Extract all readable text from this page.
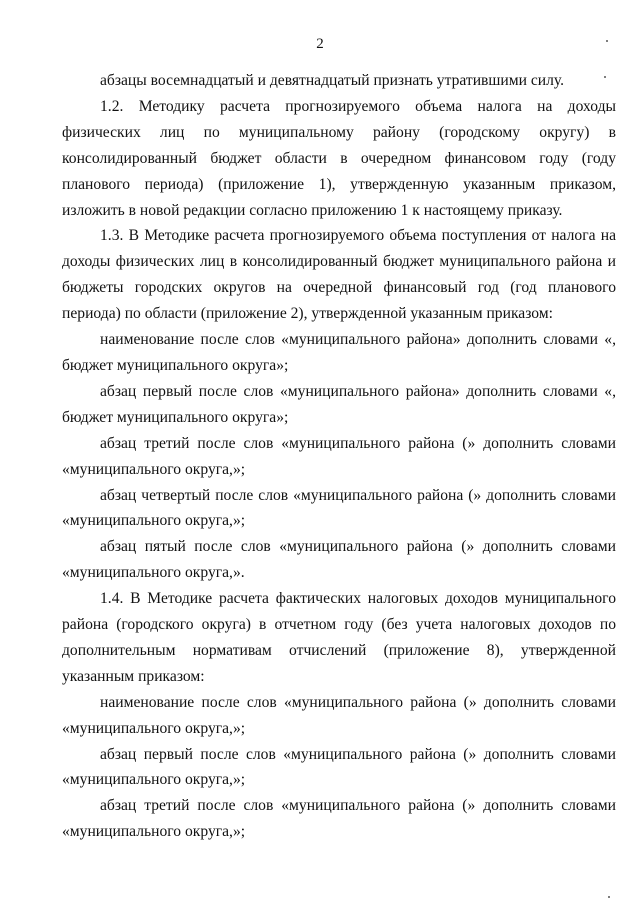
2

абзацы восемнадцатый и девятнадцатый признать утратившими силу.

1.2. Методику расчета прогнозируемого объема налога на доходы физических лиц по муниципальному району (городскому округу) в консолидированный бюджет области в очередном финансовом году (году планового периода) (приложение 1), утвержденную указанным приказом, изложить в новой редакции согласно приложению 1 к настоящему приказу.

1.3. В Методике расчета прогнозируемого объема поступления от налога на доходы физических лиц в консолидированный бюджет муниципального района и бюджеты городских округов на очередной финансовый год (год планового периода) по области (приложение 2), утвержденной указанным приказом:

наименование после слов «муниципального района» дополнить словами «, бюджет муниципального округа»;

абзац первый после слов «муниципального района» дополнить словами «, бюджет муниципального округа»;

абзац третий после слов «муниципального района (» дополнить словами «муниципального округа,»;

абзац четвертый после слов «муниципального района (» дополнить словами «муниципального округа,»;

абзац пятый после слов «муниципального района (» дополнить словами «муниципального округа,».

1.4. В Методике расчета фактических налоговых доходов муниципального района (городского округа) в отчетном году (без учета налоговых доходов по дополнительным нормативам отчислений (приложение 8), утвержденной указанным приказом:

наименование после слов «муниципального района (» дополнить словами «муниципального округа,»;

абзац первый после слов «муниципального района (» дополнить словами «муниципального округа,»;

абзац третий после слов «муниципального района (» дополнить словами «муниципального округа,»;
